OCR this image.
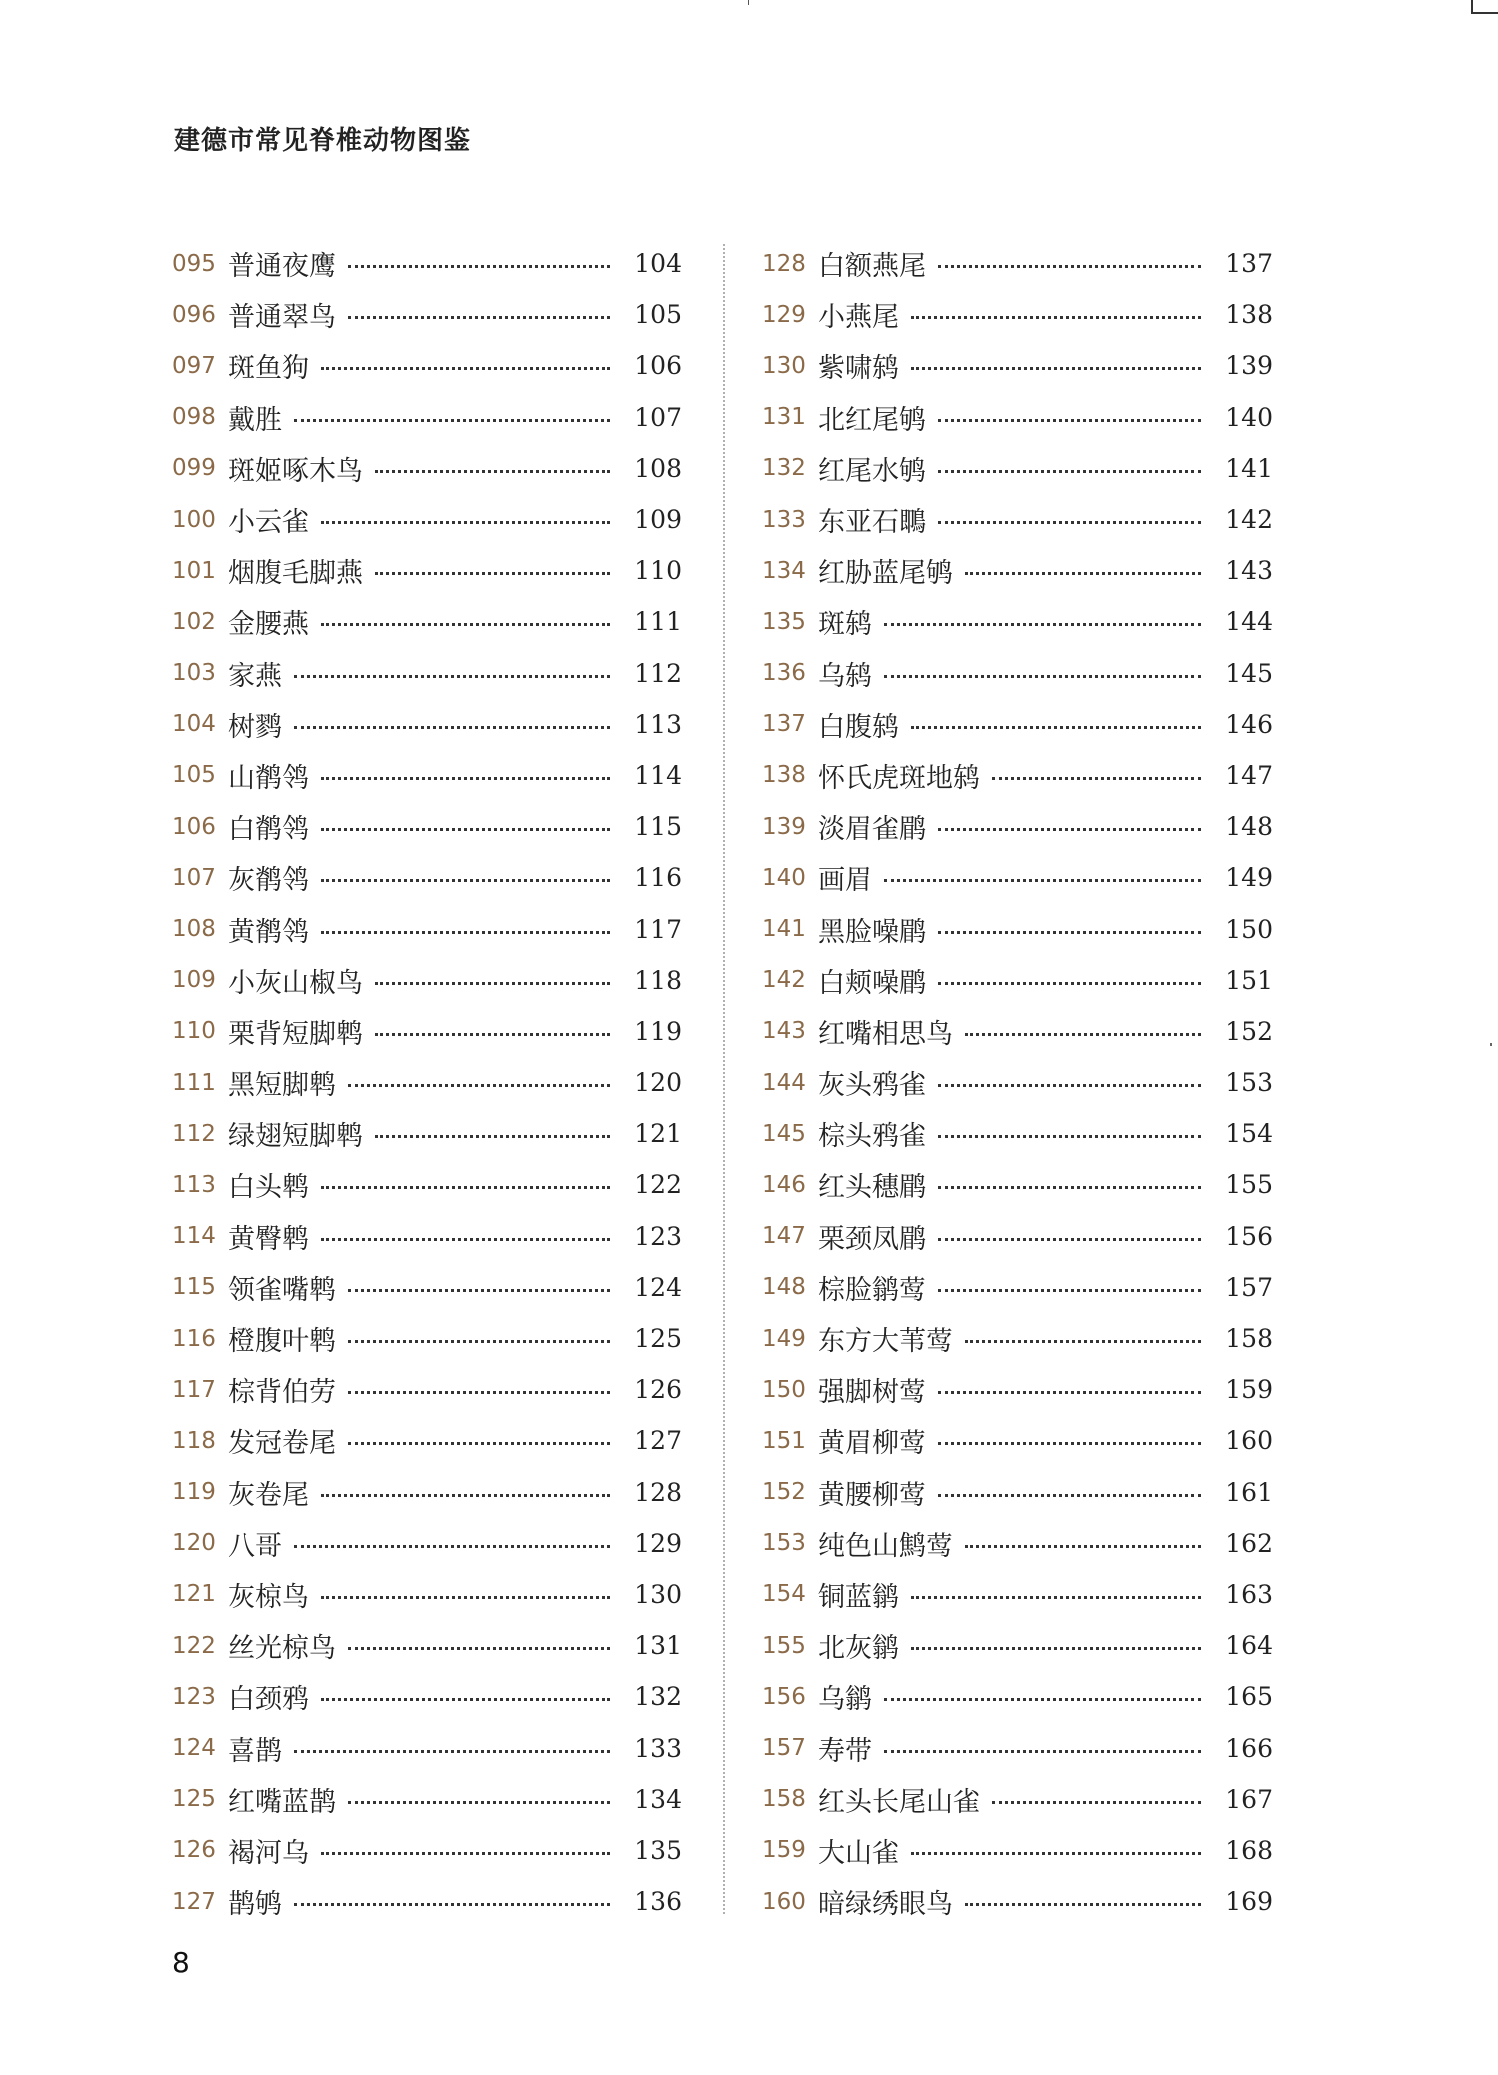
建德市常见脊椎动物图鉴
095 普通夜鹰	104
096 普通翠鸟	105
097 斑鱼狗	106
098 戴胜	107
099 斑姬啄木鸟	108
100 小云雀	109
101 烟腹毛脚燕	110
102 金腰燕	111
103 家燕	112
104 树鹨	113
105 山鹡鸰	114
106 白鹡鸰	115
107 灰鹡鸰	116
108 黄鹡鸰	117
109 小灰山椒鸟	118
110 栗背短脚鹎	119
111 黑短脚鹎	120
112 绿翅短脚鹎	121
113 白头鹎	122
114 黄臀鹎	123
115 领雀嘴鹎	124
116 橙腹叶鹎	125
117 棕背伯劳	126
118 发冠卷尾	127
119 灰卷尾	128
120 八哥	129
121 灰椋鸟	130
122 丝光椋鸟	131
123 白颈鸦	132
124 喜鹊	133
125 红嘴蓝鹊	134
126 褐河乌	135
127 鹊鸲	136
128 白额燕尾	137
129 小燕尾	138
130 紫啸鸫	139
131 北红尾鸲	140
132 红尾水鸲	141
133 东亚石䳭	142
134 红胁蓝尾鸲	143
135 斑鸫	144
136 乌鸫	145
137 白腹鸫	146
138 怀氏虎斑地鸫	147
139 淡眉雀鹛	148
140 画眉	149
141 黑脸噪鹛	150
142 白颊噪鹛	151
143 红嘴相思鸟	152
144 灰头鸦雀	153
145 棕头鸦雀	154
146 红头穗鹛	155
147 栗颈凤鹛	156
148 棕脸鹟莺	157
149 东方大苇莺	158
150 强脚树莺	159
151 黄眉柳莺	160
152 黄腰柳莺	161
153 纯色山鹪莺	162
154 铜蓝鹟	163
155 北灰鹟	164
156 乌鹟	165
157 寿带	166
158 红头长尾山雀	167
159 大山雀	168
160 暗绿绣眼鸟	169
8
